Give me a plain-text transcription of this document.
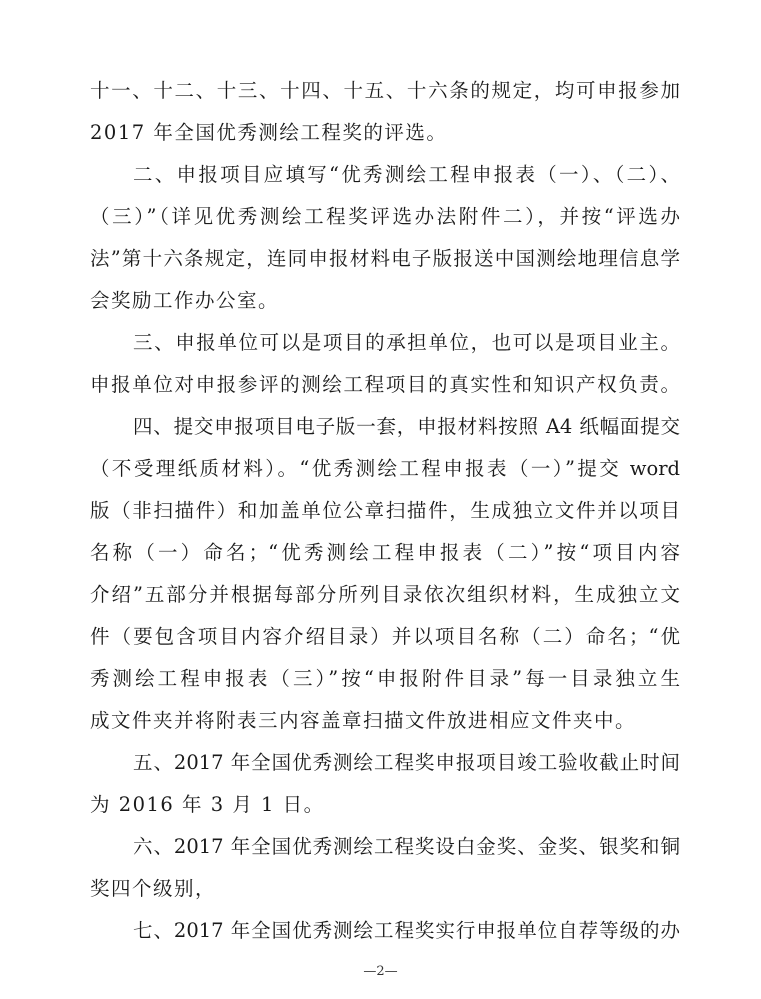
十一、十二、十三、十四、十五、十六条的规定，均可申报参加
2017 年全国优秀测绘工程奖的评选。
二、申报项目应填写“优秀测绘工程申报表（一）、（二）、
（三）”（详见优秀测绘工程奖评选办法附件二），并按“评选办
法”第十六条规定，连同申报材料电子版报送中国测绘地理信息学
会奖励工作办公室。
三、申报单位可以是项目的承担单位，也可以是项目业主。
申报单位对申报参评的测绘工程项目的真实性和知识产权负责。
四、提交申报项目电子版一套，申报材料按照 A4 纸幅面提交
（不受理纸质材料）。“优秀测绘工程申报表（一）”提交 word
版（非扫描件）和加盖单位公章扫描件，生成独立文件并以项目
名称（一）命名；“优秀测绘工程申报表（二）”按“项目内容
介绍”五部分并根据每部分所列目录依次组织材料，生成独立文
件（要包含项目内容介绍目录）并以项目名称（二）命名；“优
秀测绘工程申报表（三）”按“申报附件目录”每一目录独立生
成文件夹并将附表三内容盖章扫描文件放进相应文件夹中。
五、2017 年全国优秀测绘工程奖申报项目竣工验收截止时间
为 2016 年 3 月 1 日。
六、2017 年全国优秀测绘工程奖设白金奖、金奖、银奖和铜
奖四个级别，
七、2017 年全国优秀测绘工程奖实行申报单位自荐等级的办
—2—
